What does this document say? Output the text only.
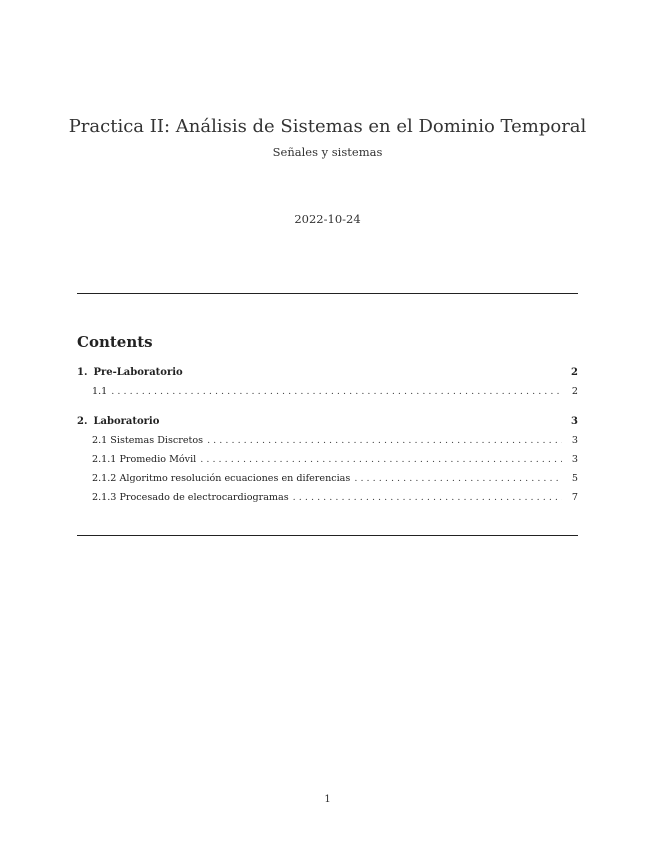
Practica II: Análisis de Sistemas en el Dominio Temporal
Señales y sistemas
2022-10-24
Contents
1. Pre-Laboratorio	2
1.1 . . .	2
2. Laboratorio	3
2.1 Sistemas Discretos . . .	3
2.1.1 Promedio Móvil . . .	3
2.1.2 Algoritmo resolución ecuaciones en diferencias . . .	5
2.1.3 Procesado de electrocardiogramas . . .	7
1
